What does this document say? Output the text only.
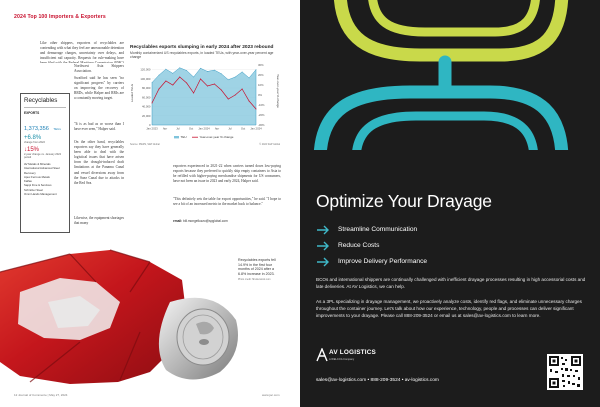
2024 Top 100 Importers & Exporters
Like other shippers, exporters of recyclables are contending with what they feel are unreasonable detention and demurrage charges, uncertainty over delays, and insufficient rail capacity. Requests for rule-making have
Northwest Asia Shippers Association.
Swafford said he has seen "no significant progress" by carriers on improving the recovery of RRDs, while Halper and RRIs are a constantly moving target.
"It is as bad as or worse than I have ever seen," Halper said.
On the other hand, recyclables exporters say they have generally been able to deal with the logistical issues that have arisen from the drought-induced draft limitations at the Panama Canal and vessel diversions away from the Suez Canal due to attacks in the Red Sea.
Likewise, the equipment shortages that many
exporters experienced in 2021-22 when carriers turned down low-paying exports because they preferred to quickly ship empty containers to Asia to be refilled with higher-paying merchandise shipments for US consumers, have not been an issue in 2023 and early 2024, Halper said.
"This definitely sets the table for export opportunities," he said. "I hope to see a bit of an increased metric in the market back to balance."
email: bill.mongelluzzo@spglobal.com
Recyclables
EXPORTS
1,373,356 TEUs
+6.8%
change from 2022
↓15%
2-year change vs. January 2022 period
AV Metals & Minerals
International Advanced Steel Recovery
Apex Ferrous Metals
Kalfas
Sappi Fine & Services
Schnitzer Steel
Omni Hands Management
Recyclables exports slumping in early 2024 after 2023 rebound
Monthly containerized US recyclables exports, in loaded TEUs, with year-over-year percent age change
0
20,000
40,000
60,000
80,000
100,000
120,000
-30%
-20%
-10%
0%
10%
20%
30%
Jan 2023 Apr	Jul	Oct Jan 2024 Apr	Jul	Oct Jan 2024
Loaded TEUs	Year-over-year % change
TEU	Year-over-year % change
Source: PIERS, S&P Global	© 2024 S&P Global
Recyclables exports fell 14.9% in the first four months of 2024 after a 6.8% increase in 2023.
Photo credit: Shutterstock.com
12 Journal of Commerce | May 27, 2024	www.joc.com
Optimize Your Drayage
Streamline Communication
Reduce Costs
Improve Delivery Performance
BCOs and international shippers are continually challenged with inefficient drayage processes resulting in high accessorial costs and late deliveries. At AV Logistics, we can help.
As a 3PL specializing in drayage management, we proactively analyze costs, identify red flags, and eliminate unnecessary charges throughout the container journey. Let's talk about how our experience, technology, people and processes can deliver significant improvements to your drayage. Please call 888-209-3524 or email us at sales@av-logistics.com to learn more.
AV LOGISTICS
A WELCOA Company
sales@av-logistics.com • 888-209-3524 • av-logistics.com
